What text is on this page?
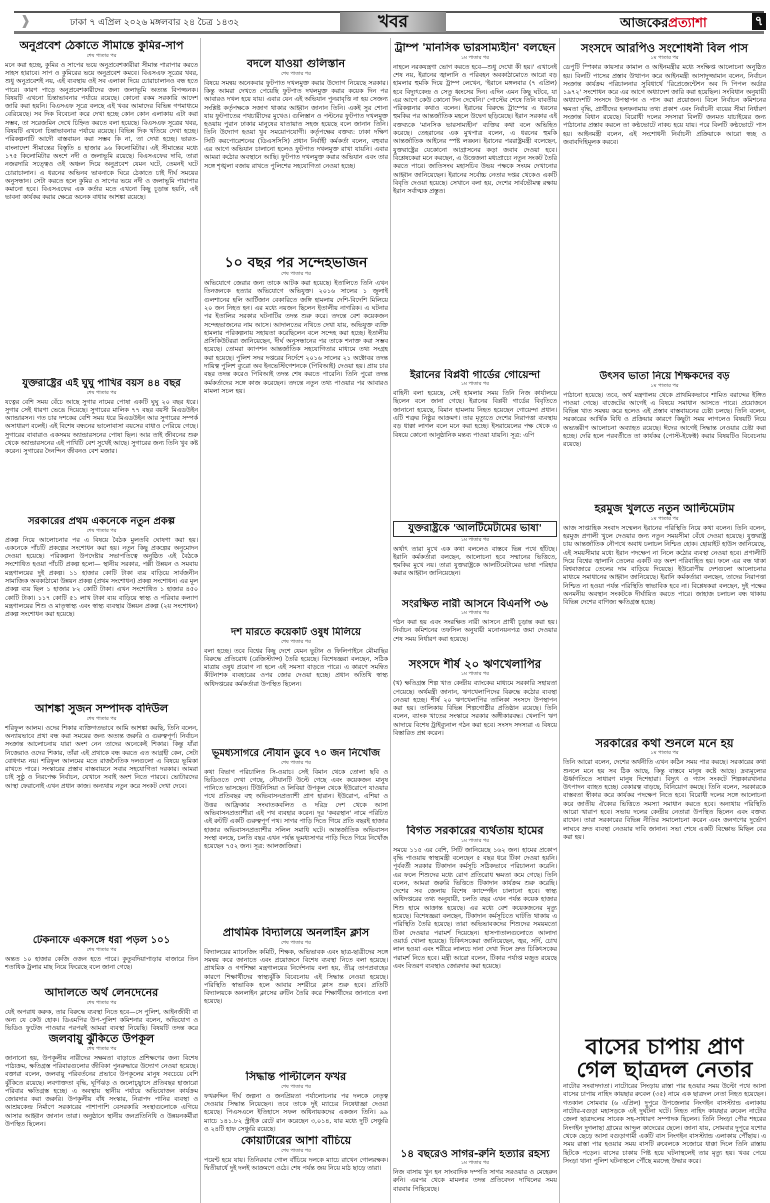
❱	ঢাকা ৭ এপ্রিল ২০২৬ মঙ্গলবার ২৪ চৈত্র ১৪৩২	খবর	আজকেরপ্রত্যাশা	৭
অনুপ্রবেশ ঠেকাতে সীমান্তে কুমির-সাপ
শেষ পাতার পর
মনে করা হচ্ছে, কুমির ও সাপের ভয়ে অনুপ্রবেশকারীরা সীমান্ত পারাপার করতে সাহস হারাবে। সাপ ও কুমিরের ভয়ে অনুপ্রবেশ কমবে। বিএসএফ সূত্রের খবর, শুধু অনুপ্রবেশই নয়, এই ব্যবস্থায় ওই সব এলাকা দিয়ে চোরাচালানও বন্ধ হতে পারে। কারণ পাড়ে অনুপ্রবেশকারীদের জন্য জলাভূমি অত্যন্ত বিপজ্জনক। বিষয়টি এখনো চিন্তাভাবনার পর্যায়ে রয়েছে। কোনো রকম সরকারি আদেশ জারি করা হয়নি। বিএসএফ সূত্রে বলছে এই খবর আমাদের বিভিন্ন গণমাধ্যমে বেরিয়েছে। সব দিক বিবেচনা করে দেখা হচ্ছে কোন কোন এলাকায় এটা করা সম্ভব, তা সরেজমিন দেখে চিহ্নিত করতে বলা হয়েছে। বিএসএফ সূত্রের খবর, বিষয়টি এখনো চিন্তাভাবনার পর্যায়ে রয়েছে। বিভিন্ন দিক খতিয়ে দেখা হচ্ছে। পরিকল্পনাটি আদৌ বাস্তবায়ন করা সম্ভব কি না, তা দেখা হচ্ছে। ভারত-বাংলাদেশ সীমান্তের বিস্তৃতি ৪ হাজার ৯৬ কিলোমিটার। এই সীমান্তের মধ্যে ১৭৫ কিলোমিটার অংশে নদী ও জলাভূমি রয়েছে। বিএসএফের দাবি, তারা নজরদারি সত্ত্বেও ওই অঞ্চল দিয়ে অনুপ্রবেশ যেমন ঘটে, তেমনই ঘটে চোরাচালান। এ ধরনের অভিনব ভাবনাকে ঘিরে ঠেকাতে চাই দীর্ঘ সময়ের অনুসন্ধান। সেটা করতে হলে কুমির ও সাপের ভয়ে নদী ও জলাভূমি পারাপার কমানো হবে। বিএসএফের এক কর্তার মতে এখনো কিছু চূড়ান্ত হয়নি, এই ভাবনা কার্যকর করার ক্ষেত্রে অনেক বাধার আশঙ্কা রয়েছে।
যুক্তরাষ্ট্রের এই ঘুঘু পাখির বয়স ৪৪ বছর
শেষ পাতার পর
যত্নের বেশি সময় বেঁচে আছে সুগার নামের পোষা একটি ঘুঘু ২০ বছর ধরে। সুগার সেই ধারণা ভেঙে দিয়েছে। সুগারের মালিক ৭৭ বছর বয়সী মিএডউইন অ্যান্ডারসন। গত চার দশকের বেশি সময় ধরে মিএডউইন আর সুগারের সম্পর্ক অসাধারণ বলেই। এই বিশেষ বন্ধনের ভালোবাসা বয়সের বাধাও পেরিয়ে গেছে। সুগারের বাবারাও একসময় অ্যান্ডারসনের পোষা ছিল। আর তাই জীবনের শুরু থেকে অ্যান্ডারসনের এই পাখিটি বেশ সুখেই আছে। সুগারের জন্য তিনি খুব কষ্ট করেন। সুগারের দৈনন্দিন জীবনও বেশ মজার।
সরকারের প্রথম একনেকে নতুন প্রকল্প
শেষ পাতার পর
প্রকল্প নিয়ে আলোচনার পর এ বিষয়ে বৈঠক মুলতবি ঘোষণা করা হয়। একনেকে পাঁচটি প্রকল্পের সংশোধন করা হয়। নতুন কিছু প্রকল্পের অনুমোদন দেওয়া হয়েছে। পরিকল্পনা উপদেষ্টার সভাপতিত্বে অনুষ্ঠিত এই বৈঠকে সংশোধিত হওয়া পাঁচটি প্রকল্প হলো— স্থানীয় সরকার, পল্লী উন্নয়ন ও সমবায় মন্ত্রণালয়ের দুই প্রকল্প। ১১ হাজার কোটি টাকা ব্যয় বাড়িয়ে সার্বজনীন সামাজিক অবকাঠামো উন্নয়ন প্রকল্প (প্রথম সংশোধন) প্রকল্প সংশোধন। এর মূল প্রকল্প ব্যয় ছিল ১ হাজার ৮২ কোটি টাকা। এখন সংশোধিত ১ হাজার ৪৫০ কোটি টাকা। ১১৭ কোটি ৫১ লাখ টাকা ব্যয় বাড়িয়ে স্বাস্থ্য ও পরিবার কল্যাণ মন্ত্রণালয়ের শিশু ও মাতৃস্বাস্থ্য এবং স্বাস্থ্য ব্যবস্থার উন্নয়ন প্রকল্প (২য় সংশোধন) প্রকল্প সংশোধন করা হয়েছে।
আশঙ্কা সুজন সম্পাদক বদিউল
শেষ পাতার পর
শরিফুল আলম। ওদের শিকার ব্যক্তিগতভাবে আমি আশঙ্কা করছি, তিনি বলেন, অন্যায়ভাবে প্রথা বন্ধ করা সময়ের জন্য অত্যন্ত জরুরি ও গুরুত্বপূর্ণ। নির্বাচন সংক্রান্ত আলোচনায় যারা অংশ নেন তাদের অনেকেই শিকার। কিন্তু যাঁরা নিজেরাও ওদের শিকার, তাঁরা এই প্রথাকে বন্ধ করতে এত আগ্রহী কেন, সেটা বোধগম্য নয়। শরিফুল আলমের মতে রাজনৈতিক দলগুলো এ বিষয়ে ভূমিকা রাখতে পারে। সংস্কারের প্রস্তাব বাস্তবায়নে সবার সহযোগিতা দরকার। আমরা চাই সুষ্ঠু ও নিরপেক্ষ নির্বাচন, যেখানে সবাই অংশ নিতে পারবে। ভোটারদের আস্থা ফেরানোই এখন প্রধান কাজ। অন্যথায় নতুন করে সংকট দেখা দেবে।
টেকনাফে একসঙ্গে ধরা পড়ল ১০১
শেষ পাতার পর
অন্তত ১০ হাজার কেজি ওজন হতে পারে। কুতুবদিয়াপাড়ার বাজারে তিন শতাধিক ট্রলার মাছ নিয়ে ফিরেছে বলে জানা গেছে।
আদালতে অর্থ লেনদেনের
শেষ পাতার পর
যেই অপরাধ করুক, তার বিরুদ্ধে ব্যবস্থা নিতে হবে—সে পুলিশ, আইনজীবী বা অন্য যে কেউ হোক। ডিএমপির উপ-পুলিশ কমিশনার বলেন, অভিযোগ ও ভিডিও ফুটেজ পাওয়ার পরপরই আমরা ব্যবস্থা নিয়েছি। বিষয়টি তদন্ত করে
জলবায়ু ঝুঁকিতে উপকূল
শেষ পাতার পর
জানানো হয়, উপকূলীয় নারীদের সক্ষমতা বাড়াতে প্রশিক্ষণের জন্য বিশেষ পাঠ্যক্রম, ক্ষতিগ্রস্ত পরিবারগুলোর জীবিকা পুনরুদ্ধারে উদ্যোগ নেওয়া হয়েছে। বক্তারা বলেন, জলবায়ু পরিবর্তনের প্রভাবে উপকূলের মানুষ সবচেয়ে বেশি ঝুঁকিতে রয়েছে। লবণাক্ততা বৃদ্ধি, ঘূর্ণিঝড় ও জলোচ্ছ্বাসে প্রতিবছর হাজারো পরিবার ক্ষতিগ্রস্ত হচ্ছে। এ অবস্থায় স্থানীয় পর্যায়ে অভিযোজন কার্যক্রম জোরদার করা জরুরি। উপকূলীয় বাঁধ সংস্কার, নিরাপদ পানির ব্যবস্থা ও আশ্রয়কেন্দ্র নির্মাণে সরকারের পাশাপাশি বেসরকারি সংস্থাগুলোকে এগিয়ে আসার আহ্বান জানান তারা। অনুষ্ঠানে স্থানীয় জনপ্রতিনিধি ও উন্নয়নকর্মীরা উপস্থিত ছিলেন।
বদলে যাওয়া গুলিস্তান
শেষ পাতার পর
বিষয়ে সমন্বয় অনেকবার ফুটপাত দখলমুক্ত করার উদ্যোগ নিয়েছে সরকার। কিন্তু আমরা দেখতে পেয়েছি ফুটপাত দখলমুক্ত করার কয়েক দিন পর আবারও দখল হয়ে যায়। এবার যেন এই অভিযান পুনরাবৃত্তি না হয় সেজন্য সংশ্লিষ্ট কর্তৃপক্ষকে সজাগ থাকার আহ্বান জানান তিনি। একই সুর শোনা যায় ফুটপাতের পথচারীদের মুখেও। গুলিস্তান ও পল্টনের ফুটপাত দখলমুক্ত হওয়ায় পুরান ঢাকার মানুষের যাতায়াত সহজ হয়েছে বলে জানান তিনি। তিনি উদ্যোগ হওয়া খুব সময়োপযোগী। কর্তৃপক্ষের বক্তব্য: ঢাকা দক্ষিণ সিটি করপোরেশনের (ডিএসসিসি) প্রধান নির্বাহী কর্মকর্তা বলেন, বহুবার এর আগে অভিযান চালানো হলেও ফুটপাত দখলমুক্ত রাখা যায়নি। এবার আমরা কঠোর অবস্থানে আছি। ফুটপাত দখলমুক্ত করার অভিযান এবং তার সঙ্গে শৃঙ্খলা বজায় রাখতে পুলিশের সহযোগিতা নেওয়া হচ্ছে।
১০ বছর পর সন্দেহভাজন
শেষ পাতার পর
অভিযোগে জেরার জন্য তাকে আটক করা হয়েছে। ইতালিতে তিনি এখন তিনজনকে হত্যার অভিযোগে অভিযুক্ত। ২০১৬ সালের ১ জুলাই গুলশানের হলি আর্টিজান বেকারিতে জঙ্গি হামলায় দেশি-বিদেশি মিলিয়ে ২০ জন নিহত হন। এর মধ্যে নয়জন ছিলেন ইতালীয় নাগরিক। এ ঘটনার পর ইতালির সরকার ঘটনাটির তদন্ত শুরু করে। তদন্তে বেশ কয়েকজন সন্দেহভাজনের নাম আসে। আদালতের নথিতে দেখা যায়, অভিযুক্ত ব্যক্তি হামলার পরিকল্পনায় সহায়তা করেছিলেন বলে সন্দেহ করা হচ্ছে। ইতালীয় প্রসিকিউটররা জানিয়েছেন, দীর্ঘ অনুসন্ধানের পর তাকে শনাক্ত করা সম্ভব হয়েছে। তোমরা ক্যাপশন আন্তর্জাতিক সহযোগিতার মাধ্যমে তথ্য সংগ্রহ করা হয়েছে। পুলিশ সদর দপ্তরের নির্দেশে ২০১৬ সালের ২১ অক্টোবর তদন্ত দায়িত্ব পুলিশ ব্যুরো অব ইনভেস্টিগেশনকে (পিবিআই) দেওয়া হয়। প্রায় চার বছর তদন্ত করেও পিবিআই তদন্ত শেষ করতে পারেনি। তিনি পুরো তদন্ত কর্মকর্তাদের সঙ্গে কাজ করেছেন। তদন্তে নতুন তথ্য পাওয়ার পর আবারও মামলা সচল হয়।
দশ মারতে কয়েকটি ওষুধ মিলিয়ে
শেষ পাতার পর
বলা হচ্ছে। তবে বিশ্বের কিছু দেশে যেমন ভুটান ও ফিলিপাইনে মৌমাছির বিরুদ্ধে প্রতিরোধ (রেজিস্ট্যান্স) তৈরি হয়েছে। বিশেষজ্ঞরা বলছেন, সঠিক মাত্রায় ওষুধ প্রয়োগ না হলে এই সমস্যা বাড়তে পারে। এ কারণে সমন্বিত কীটনাশক ব্যবহারের ওপর জোর দেওয়া হচ্ছে। প্রধান অতিথি স্বাস্থ্য অধিদপ্তরের কর্মকর্তারা উপস্থিত ছিলেন।
ভূমধ্যসাগরে নৌযান ডুবে ৭০ জন নিখোঁজ
শেষ পাতার পর
কথা বিভাগ পরিচালিত সি-ওয়াচ। সেই বিমান থেকে তোলা ছবি ও ভিডিওতে দেখা গেছে, নৌযানটি উল্টে গেছে এবং কয়েকজন মানুষ পানিতে ভাসছেন। টিউনিসিয়া ও লিবিয়া উপকূল থেকে ইউরোপে যাওয়ার পথে প্রতিবছর বহু অভিবাসনপ্রত্যাশী প্রাণ হারান। ইউরোপ, এশিয়া ও উত্তর আফ্রিকার সংঘাতকবলিত ও দরিদ্র দেশ থেকে আসা অভিবাসনপ্রত্যাশীরা এই পথ ব্যবহার করেন। দূর 'কবরস্থান' নামে পরিচিত এই রুটটি একটি গুরুত্বপূর্ণ পথ। সাগর পাড়ি দিতে গিয়ে প্রতি বছরই হাজার হাজার অভিবাসনপ্রত্যাশীর সলিল সমাধি ঘটে। আন্তর্জাতিক অভিবাসন সংস্থা বলছে, চলতি বছর এখন পর্যন্ত ভূমধ্যসাগর পাড়ি দিতে গিয়ে নিখোঁজ হয়েছেন ৭৫২ জন। সূত্র: আলজাজিরা।
প্রাথমিক বিদ্যালয়ে অনলাইন ক্লাস
শেষ পাতার পর
বিদ্যালয়ের ম্যানেজিং কমিটি, শিক্ষক, অভিভাবক এবং ছাত্র-ছাত্রীদের সঙ্গে সমন্বয় করে জানাতে এবং প্রয়োজনে বিশেষ ব্যবস্থা নিতে বলা হয়েছে। প্রাথমিক ও গণশিক্ষা মন্ত্রণালয়ের নির্দেশনায় বলা হয়, তীব্র তাপপ্রবাহের কারণে শিক্ষার্থীদের স্বাস্থ্যঝুঁকি বিবেচনায় এই সিদ্ধান্ত নেওয়া হয়েছে। পরিস্থিতি স্বাভাবিক হলে আবার সশরীরে ক্লাস শুরু হবে। প্রতিটি বিদ্যালয়কে অনলাইন ক্লাসের রুটিন তৈরি করে শিক্ষার্থীদের জানাতে বলা হয়েছে।
সিদ্ধান্ত পাল্টালেন ফখর
শেষ পাতার পর
ফখরুদ্দিন দীর্ঘ জল্পনা ও জনপ্রিয়তা পর্যালোচনার পর দলকে নেতৃত্ব দেওয়ার সিদ্ধান্ত নিয়েছেন। তবে তাকে দুই ম্যাচের নিষেধাজ্ঞা দেওয়া হয়েছে। পিএসএলে ইতিহাসে সফল অধিনায়কদের একজন তিনি। ৯৯ ম্যাচে ১৪১.৮২ স্ট্রাইক রেটে রান করেছেন ৩,০১৪, যার মধ্যে দুটি সেঞ্চুরি ও ২৪টি হাফ সেঞ্চুরি রয়েছে।
কোয়ার্টারের আশা বাঁচিয়ে
শেষ পাতার পর
পয়েন্ট হয়ে যায়। তিনিরবার গোল বাঁচিয়ে দলকে ম্যাচে রাখেন গোলরক্ষক। দ্বিতীয়ার্ধে দুই দলই আক্রমণে ওঠে। শেষ পর্যন্ত জয় নিয়ে মাঠ ছাড়ে তারা।
ট্রাম্প 'মানসিক ভারসাম্যহীন' বলছেন
১ম পাতার পর
নাহলে নরকযন্ত্রণা ভোগ করতে হবে—শুধু দেখো কী হয়।' এখানেই শেষ নয়, ইরানের জ্বালানি ও পরিবহন অবকাঠামোতে আরো বড় হামলার হুমকি দিয়ে ট্রাম্প লেখেন, 'ইরানে মঙ্গলবার (৭ এপ্রিল) হবে বিদ্যুৎকেন্দ্র ও সেতু ধ্বংসের দিন। এদিন এমন কিছু ঘটবে, যা এর আগে কেউ কোনো দিন দেখেনি।' পোস্টের শেষে তিনি যাবতীয় পরিকল্পনার কথাও বলেন। ইরানের বিরুদ্ধে ট্রাম্পের এ ধরনের হুমকির পর আন্তর্জাতিক মহলে উদ্বেগ ছড়িয়েছে। ইরান সরকার এই বক্তব্যকে 'মানসিক ভারসাম্যহীন' ব্যক্তির কথা বলে অভিহিত করেছে। তেহরানের এক মুখপাত্র বলেন, এ ধরনের হুমকি আন্তর্জাতিক আইনের স্পষ্ট লঙ্ঘন। ইরানের পররাষ্ট্রমন্ত্রী বলেছেন, যুক্তরাষ্ট্রের যেকোনো আগ্রাসনের কড়া জবাব দেওয়া হবে। বিশ্লেষকেরা মনে করছেন, এ উত্তেজনা মধ্যপ্রাচ্যে নতুন সংকট তৈরি করতে পারে। জাতিসংঘ মহাসচিব উভয় পক্ষকে সংযম দেখানোর আহ্বান জানিয়েছেন। ইরানের সর্বোচ্চ নেতার দপ্তর থেকেও একটি বিবৃতি দেওয়া হয়েছে। সেখানে বলা হয়, দেশের সার্বভৌমত্ব রক্ষায় ইরান সর্বাত্মক প্রস্তুত।
ইরানের বিপ্লবী গার্ডের গোয়েন্দা
১ম পাতার পর
বাহিনী বলা হয়েছে, সেই হামলার সময় তিনি নিজ কার্যালয়ে ছিলেন বলে জানা গেছে। ইরানের বিপ্লবী গার্ডের বিবৃতিতে জানানো হয়েছে, বিমান হামলায় নিহত হয়েছেন গোয়েন্দা প্রধান। এটি শত্রুর নিষ্ঠুর আক্রমণ। তার মৃত্যুতে দেশের নিরাপত্তা ব্যবস্থায় বড় ধাক্কা লাগল বলে মনে করা হচ্ছে। ইসরায়েলের পক্ষ থেকে এ বিষয়ে কোনো আনুষ্ঠানিক মন্তব্য পাওয়া যায়নি। সূত্র: এপি
যুক্তরাষ্ট্রকে 'আলটিমেটামের ভাষা'
১ম পাতার পর
অর্থাৎ তারা মুখে এক কথা বললেও বাস্তবে ভিন্ন পথে হাঁটছে। ইরানি কর্মকর্তারা বলছেন, আলোচনা হবে সম্মানের ভিত্তিতে, হুমকির মুখে নয়। তারা যুক্তরাষ্ট্রকে আলটিমেটামের ভাষা পরিহার করার আহ্বান জানিয়েছেন।
সংরক্ষিত নারী আসনে বিএনপি ৩৬
১ম পাতার পর
গঠন করা হয় এবং সংরক্ষিত নারী আসনে প্রার্থী চূড়ান্ত করা হয়। নির্বাচন কমিশনের তফসিল অনুযায়ী মনোনয়নপত্র জমা দেওয়ার শেষ সময় নির্ধারণ করা হয়েছে।
সংসদে শীর্ষ ২০ ঋণখেলাপির
১ম পাতার পর
(খ) ক্ষতিগ্রস্ত শিল্প খাত কেন্দ্রীয় ব্যাংকের মাধ্যমে সরকারি সহায়তা পেয়েছে। অর্থমন্ত্রী জানান, ঋণখেলাপিদের বিরুদ্ধে কঠোর ব্যবস্থা নেওয়া হচ্ছে। শীর্ষ ২০ ঋণখেলাপির তালিকা সংসদে উপস্থাপন করা হয়। তালিকায় বিভিন্ন শিল্পগোষ্ঠীর প্রতিষ্ঠান রয়েছে। তিনি বলেন, ব্যাংক খাতের সংস্কারে সরকার অঙ্গীকারবদ্ধ। খেলাপি ঋণ আদায়ে বিশেষ ট্রাইব্যুনাল গঠন করা হবে। সংসদ সদস্যরা এ বিষয়ে বিস্তারিত প্রশ্ন করেন।
বিগত সরকারের ব্যর্থতায় হামের
১ম পাতার পর
সময়ে ১১৫ এর বেশি, সিটি জানিয়েছে ১৬২ জন। হামের প্রকোপ বৃদ্ধি পাওয়ায় স্বাস্থ্যমন্ত্রী বলেছেন ৫ বছর ধরে টিকা দেওয়া হয়নি। পূর্ববর্তী সরকার টিকাদান কর্মসূচি সঠিকভাবে পরিচালনা করেনি। এর ফলে শিশুদের মধ্যে রোগ প্রতিরোধ ক্ষমতা কমে গেছে। তিনি বলেন, আমরা জরুরি ভিত্তিতে টিকাদান কার্যক্রম শুরু করেছি। দেশের সব জেলায় বিশেষ ক্যাম্পেইন চালানো হবে। স্বাস্থ্য অধিদপ্তরের তথ্য অনুযায়ী, চলতি বছর এখন পর্যন্ত কয়েক হাজার শিশু হামে আক্রান্ত হয়েছে। এর মধ্যে বেশ কয়েকজনের মৃত্যু হয়েছে। বিশেষজ্ঞরা বলছেন, টিকাদান কর্মসূচিতে ঘাটতি থাকায় এ পরিস্থিতি তৈরি হয়েছে। তারা অভিভাবকদের শিশুদের সময়মতো টিকা দেওয়ার পরামর্শ দিয়েছেন। হাসপাতালগুলোতে আলাদা ওয়ার্ড খোলা হয়েছে। চিকিৎসকেরা জানিয়েছেন, জ্বর, সর্দি, চোখ লাল হওয়া এবং শরীরে লালচে দানা দেখা দিলে দ্রুত চিকিৎসকের পরামর্শ নিতে হবে। মন্ত্রী আরো বলেন, টিকার পর্যাপ্ত মজুত রয়েছে এবং বিতরণ ব্যবস্থাও জোরদার করা হয়েছে।
১৪ বছরেও সাগর-রুনি হত্যার রহস্য
১ম পাতার পর
নিজ বাসায় খুন হন সাংবাদিক দম্পতি সাগর সরওয়ার ও মেহেরুন রুনি। এরপর থেকে মামলার তদন্ত প্রতিবেদন দাখিলের সময় বারবার পিছিয়েছে।
সংসদে আরপিও সংশোধনী বিল পাস
১ম পাতার পর
ডেপুটি স্পিকার কায়সার কামাল ও আইনমন্ত্রীর মধ্যে সংক্ষিপ্ত আলোচনা অনুষ্ঠিত হয়। বিলটি পাসের প্রস্তাব উত্থাপন করে আইনমন্ত্রী আসাদুজ্জামান বলেন, নির্বাচন সংক্রান্ত কার্যক্রম পরিচালনার সুবিধার্থে 'রিপ্রেজেন্টেশন অব দি পিপল অর্ডার ১৯৭২' সংশোধন করে এর আগে অধ্যাদেশ জারি করা হয়েছিল। সংবিধান অনুযায়ী অধ্যাদেশটি সংসদে উপস্থাপন ও পাস করা প্রয়োজন। বিলে নির্বাচন কমিশনের ক্ষমতা বৃদ্ধি, প্রার্থীদের হলফনামায় তথ্য প্রকাশ এবং নির্বাচনী ব্যয়ের সীমা নির্ধারণ সংক্রান্ত বিধান রয়েছে। বিরোধী দলের সদস্যরা বিলটি জনমত যাচাইয়ের জন্য পাঠানোর প্রস্তাব করলে তা কণ্ঠভোটে নাকচ হয়ে যায়। পরে বিলটি কণ্ঠভোটে পাস হয়। আইনমন্ত্রী বলেন, এই সংশোধনী নির্বাচনী প্রক্রিয়াকে আরো স্বচ্ছ ও জবাবদিহিমূলক করবে।
উৎসব ভাতা নিয়ে শিক্ষকদের বড়
১ম পাতার পর
পাঠানো হয়েছে। তবে, অর্থ মন্ত্রণালয় থেকে প্রাথমিকভাবে শামিত বরাদ্দের ইঙ্গিত পাওয়া গেছে। বাজেটের আগেই এ বিষয়ে সমাধান আসতে পারে। প্রয়োজনে বিভিন্ন খাত সমন্বয় করে হলেও এই প্রস্তাব বাস্তবায়নের চেষ্টা চলছে। তিনি বলেন, সরকারের আর্থিক বিধি ও প্রক্রিয়ার কারণে কিছুটা সময় লাগলেও বিষয়টি নিয়ে অভ্যন্তরীণ আলোচনা অব্যাহত রয়েছে। ঈদের আগেই সিদ্ধান্ত নেওয়ার চেষ্টা করা হচ্ছে। দেরি হলে পরবর্তীতে তা কার্যকর (পোস্ট-ইফেক্ট) করার বিষয়টিও বিবেচনায় রয়েছে।
হরমুজ খুলতে নতুন আল্টিমেটাম
১ম পাতার পর
আজ সাপ্তাহিক সংবাদ সম্মেলন ইরানের পরিস্থিতি নিয়ে কথা বলেন। তিনি বলেন, হরমুজ প্রণালী খুলে দেওয়ার জন্য নতুন সময়সীমা বেঁধে দেওয়া হয়েছে। যুক্তরাষ্ট্র চায় আন্তর্জাতিক নৌপথে অবাধ চলাচল নিশ্চিত হোক। হোয়াইট হাউস জানিয়েছে, এই সময়সীমার মধ্যে ইরান পদক্ষেপ না নিলে কঠোর ব্যবস্থা নেওয়া হবে। প্রণালীটি দিয়ে বিশ্বের জ্বালানি তেলের একটি বড় অংশ পরিবাহিত হয়। ফলে এর বন্ধ থাকা বিশ্ববাজারে তেলের দাম বাড়িয়ে দিয়েছে। ইউরোপীয় দেশগুলো আলোচনার মাধ্যমে সমাধানের আহ্বান জানিয়েছে। ইরানি কর্মকর্তারা বলছেন, তাদের নিরাপত্তা নিশ্চিত না হওয়া পর্যন্ত পরিস্থিতি স্বাভাবিক হবে না। বিশ্লেষকরা বলছেন, দুই পক্ষের অনমনীয় অবস্থান সংকটকে দীর্ঘায়িত করতে পারে। জাহাজ চলাচল বন্ধ থাকায় বিভিন্ন দেশের বাণিজ্য ক্ষতিগ্রস্ত হচ্ছে।
সরকারের কথা শুনলে মনে হয়
১ম পাতার পর
তিনি আরো বলেন, দেশের অর্থনীতি এখন কঠিন সময় পার করছে। সরকারের কথা শুনলে মনে হয় সব ঠিক আছে, কিন্তু বাস্তবে মানুষ কষ্টে আছে। দ্রব্যমূল্যের ঊর্ধ্বগতিতে সাধারণ মানুষ দিশেহারা। বিদ্যুৎ ও গ্যাস সংকটে শিল্পকারখানার উৎপাদন ব্যাহত হচ্ছে। বেকারত্ব বাড়ছে, বিনিয়োগ কমছে। তিনি বলেন, সরকারকে বাস্তবতা স্বীকার করে কার্যকর পদক্ষেপ নিতে হবে। বিরোধী দলের সঙ্গে আলোচনা করে জাতীয় ঐক্যের ভিত্তিতে সমস্যা সমাধান করতে হবে। অন্যথায় পরিস্থিতি আরো খারাপ হবে। সভায় দলের কেন্দ্রীয় নেতারা উপস্থিত ছিলেন এবং বক্তব্য রাখেন। তারা সরকারের বিভিন্ন নীতির সমালোচনা করেন এবং জনগণের দুর্ভোগ লাঘবে দ্রুত ব্যবস্থা নেওয়ার দাবি জানান। সভা শেষে একটি বিক্ষোভ মিছিল বের করা হয়।
বাসের চাপায় প্রাণ গেল ছাত্রদল নেতার
নাটোর সংবাদদাতা। নাটোরের সিংড়ায় রাস্তা পার হওয়ার সময় উল্টো পথে আসা বাসের চাপায় নাহিদ কায়ছার রুবেল (৩৫) নামে এক ছাত্রদল নেতা নিহত হয়েছেন। গতকাল সোমবার (৬ এপ্রিল) দুপুরে উপজেলার নিংগইন বাসস্ট্যান্ড এলাকায় নাটোর-বগুড়া মহাসড়কে এই দুর্ঘটনা ঘটে। নিহত নাহিদ কায়ছার রুবেল নাটোর জেলা ছাত্রদলের সাবেক সহ-সাধারণ সম্পাদক ছিলেন। তিনি সিংড়া পৌর শহরের নিংগইন দুগলাছা গ্রামের আব্দুল কাদেরের ছেলে। জানা যায়, সোমবার দুপুরে যশোর থেকে ছেড়ে আসা বগুড়াগামী একটি বাস নিংগইন বাসস্ট্যান্ড এলাকায় পৌঁছায়। এ সময় রাস্তা পার হওয়ার সময় বাসটি রুবেলকে সজোরে ধাক্কা দিলে তিনি রাস্তায় ছিটকে পড়েন। বাসের চাকায় পিষ্ট হয়ে ঘটনাস্থলেই তার মৃত্যু হয়। খবর পেয়ে সিংড়া থানা পুলিশ ঘটনাস্থলে পৌঁছে মরদেহ উদ্ধার করে।
